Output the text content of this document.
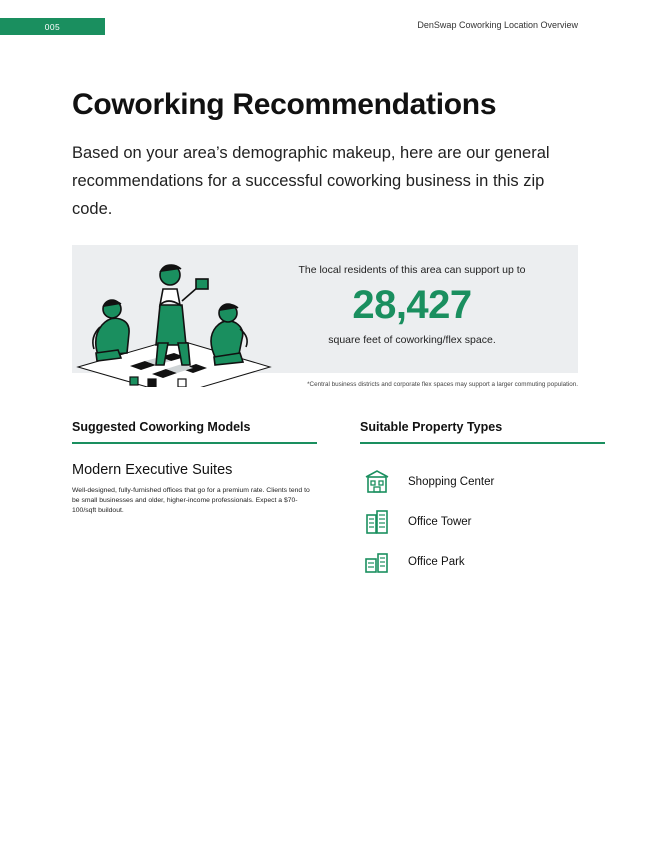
005	DenSwap Coworking Location Overview
Coworking Recommendations
Based on your area’s demographic makeup, here are our general recommendations for a successful coworking business in this zip code.
The local residents of this area can support up to
28,427
square feet of coworking/flex space.
*Central business districts and corporate flex spaces may support a larger commuting population.
Suggested Coworking Models
Modern Executive Suites
Well-designed, fully-furnished offices that go for a premium rate. Clients tend to be small businesses and older, higher-income professionals. Expect a $70-100/sqft buildout.
Suitable Property Types
Shopping Center
Office Tower
Office Park
